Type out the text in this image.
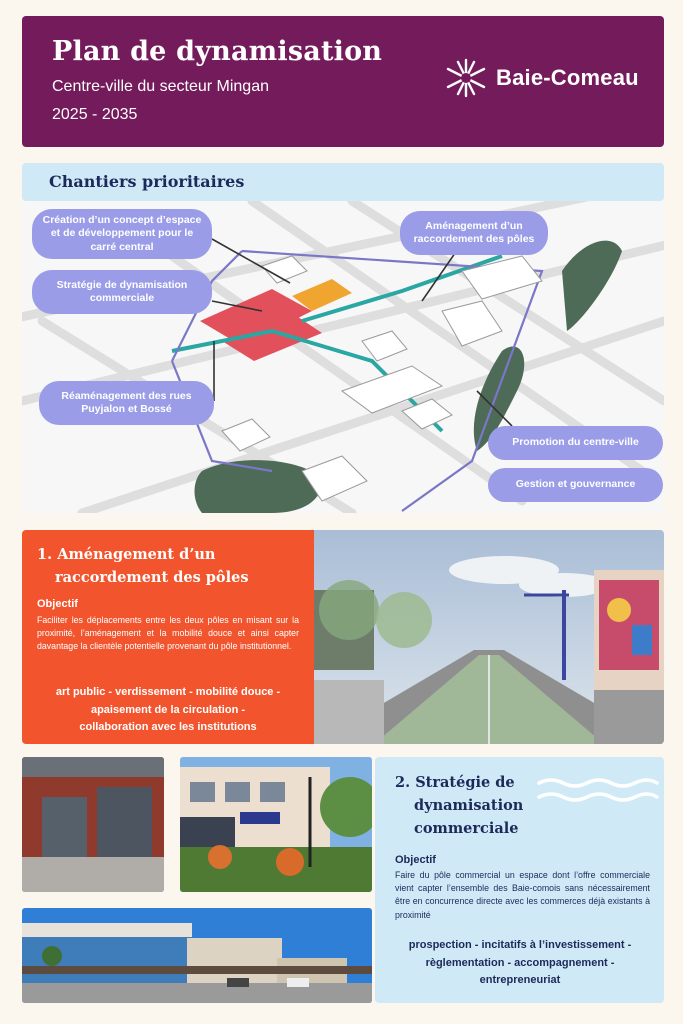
Plan de dynamisation
Centre-ville du secteur Mingan
2025 - 2035
Baie-Comeau
Chantiers prioritaires
Création d’un concept d’espace et de développement pour le carré central
Stratégie de dynamisation commerciale
Réaménagement des rues Puyjalon et Bossé
Aménagement d’un raccordement des pôles
Promotion du centre-ville
Gestion et gouvernance
1. Aménagement d’un
raccordement des pôles
Objectif
Faciliter les déplacements entre les deux pôles en misant sur la proximité, l’aménagement et la mobilité douce et ainsi capter davantage la clientèle potentielle provenant du pôle institutionnel.
art public - verdissement - mobilité douce -
apaisement de la circulation -
collaboration avec les institutions
2. Stratégie de
dynamisation
commerciale
Objectif
Faire du pôle commercial un espace dont l’offre commerciale vient capter l’ensemble des Baie-comois sans nécessairement être en concurrence directe avec les commerces déjà existants à proximité
prospection - incitatifs à l’investissement -
règlementation - accompagnement -
entrepreneuriat
